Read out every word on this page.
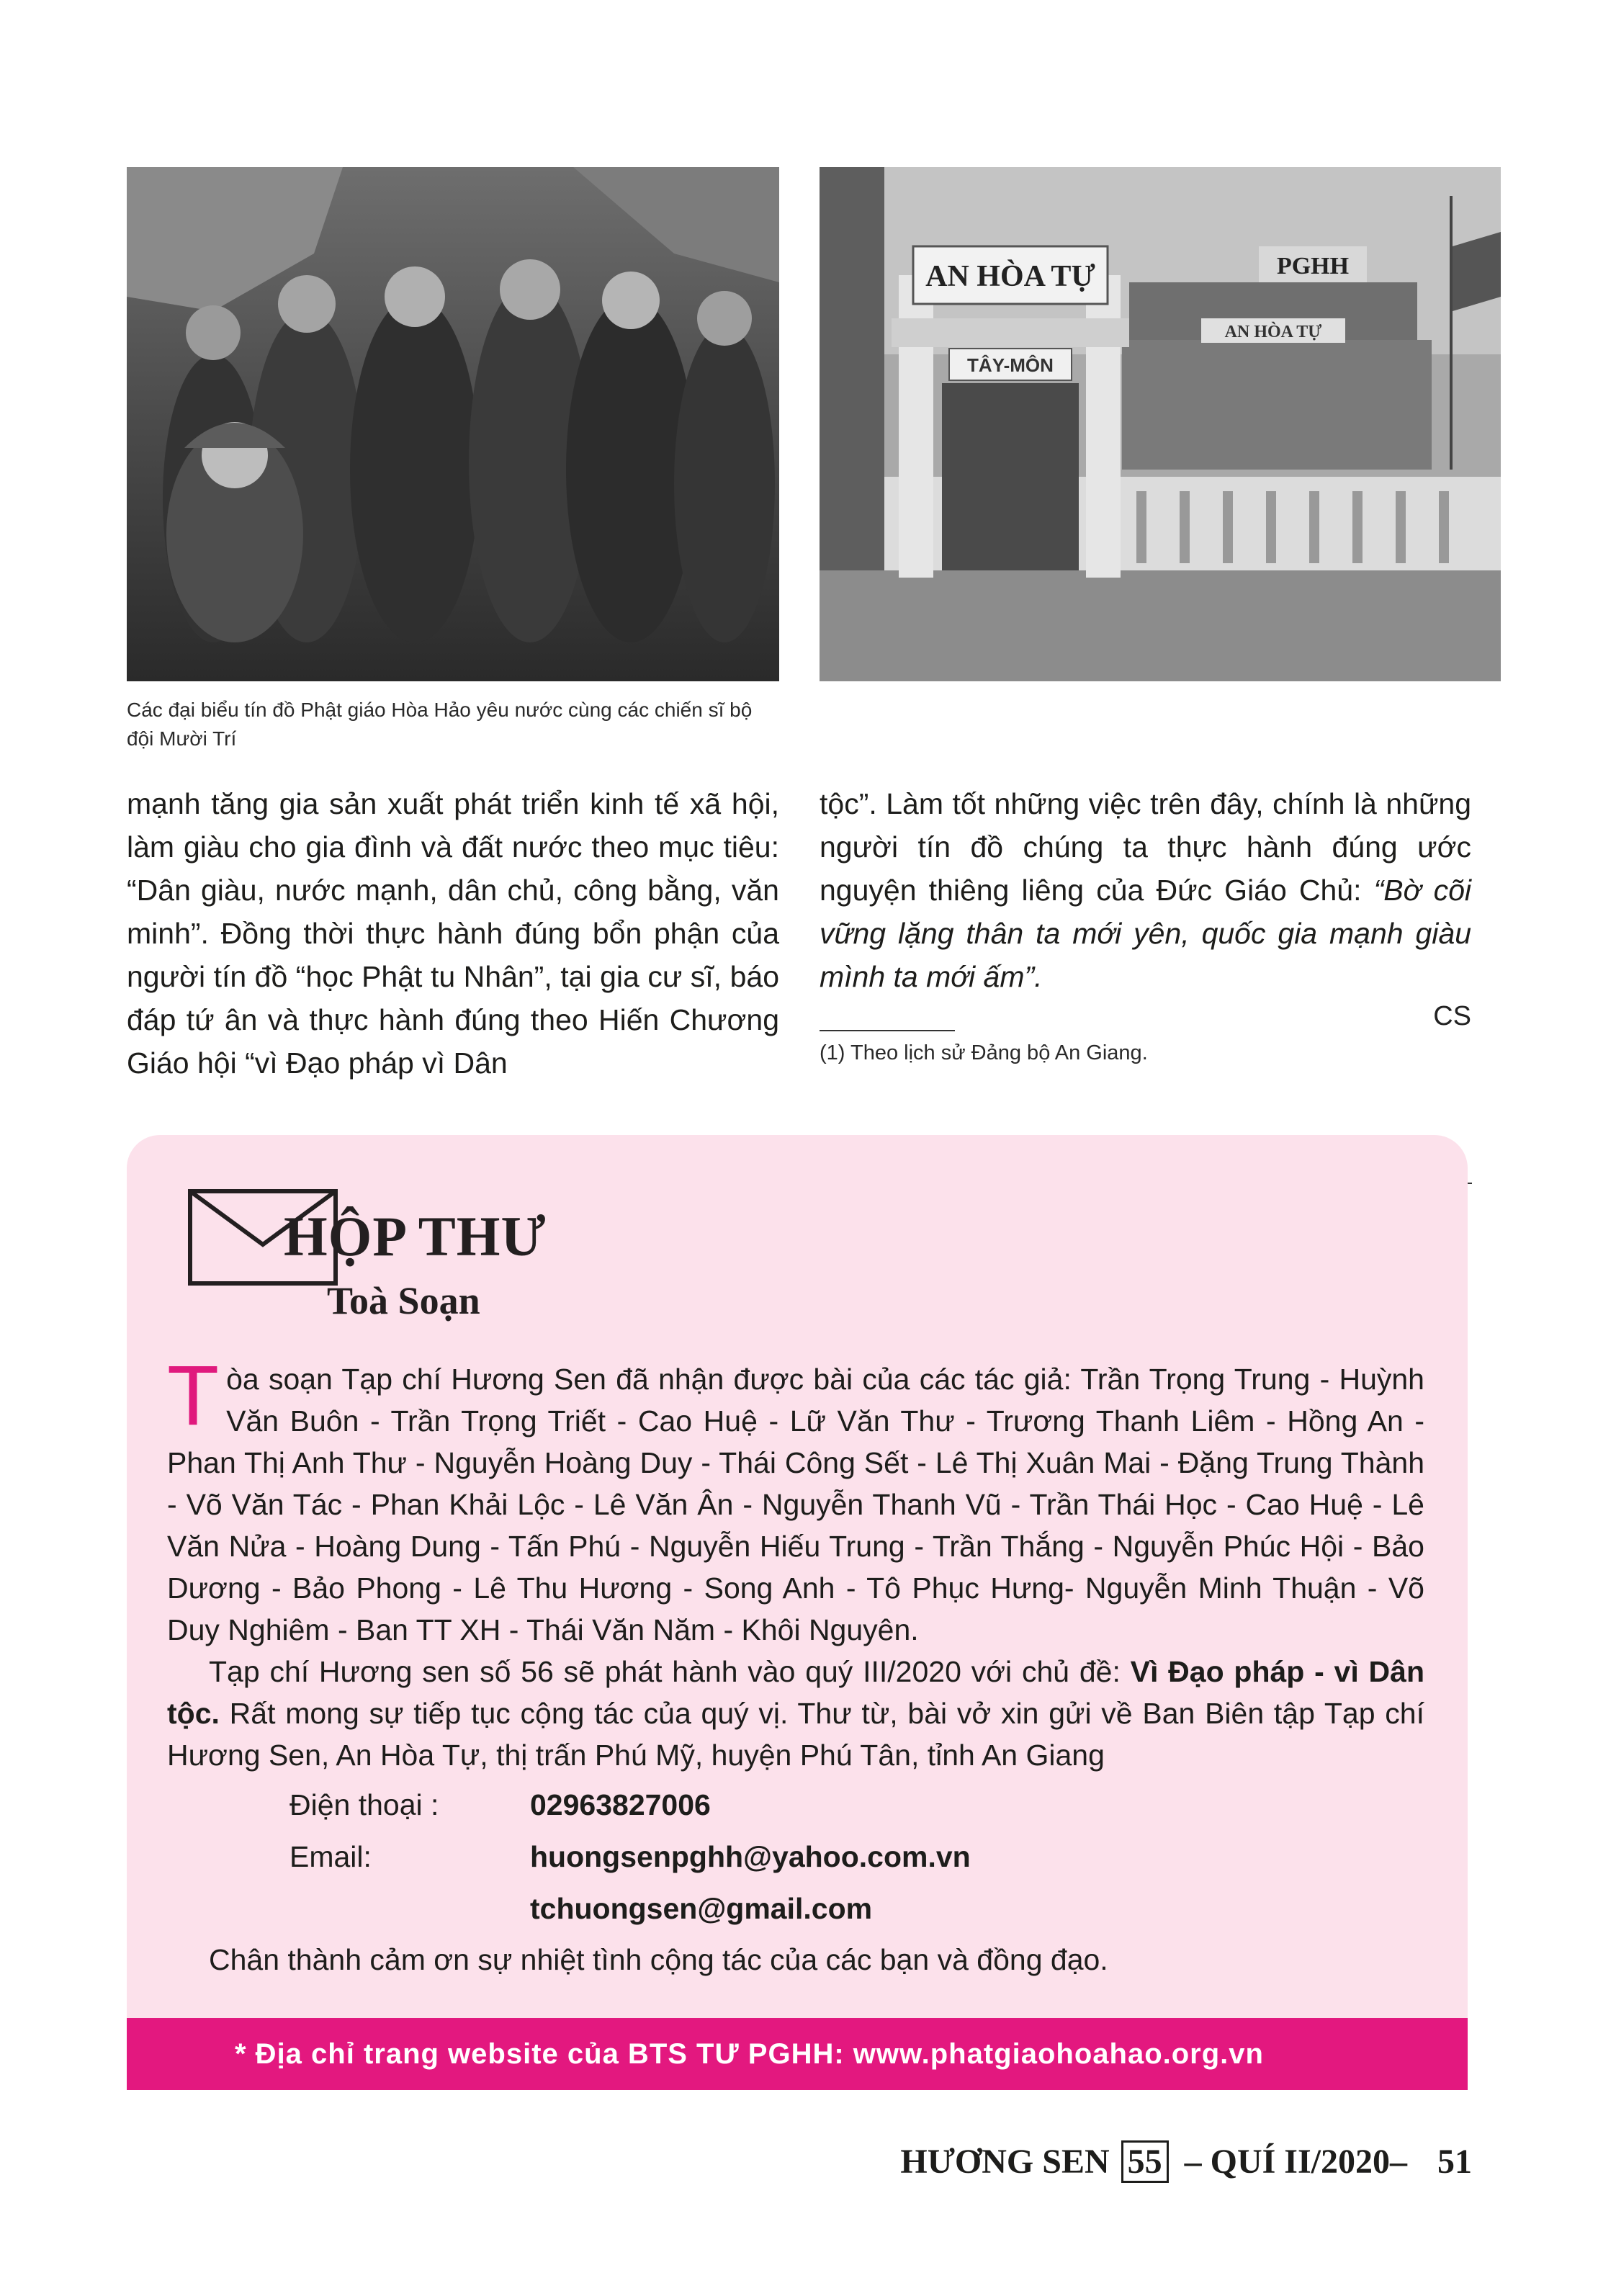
AN HÒA TỰ
TÂY-MÔN
PGHH
AN HÒA TỰ
Các đại biểu tín đồ Phật giáo Hòa Hảo yêu nước cùng các chiến sĩ bộ đội Mười Trí
mạnh tăng gia sản xuất phát triển kinh tế xã hội, làm giàu cho gia đình và đất nước theo mục tiêu: “Dân giàu, nước mạnh, dân chủ, công bằng, văn minh”. Đồng thời thực hành đúng bổn phận của người tín đồ “học Phật tu Nhân”, tại gia cư sĩ, báo đáp tứ ân và thực hành đúng theo Hiến Chương Giáo hội “vì Đạo pháp vì Dân
tộc”. Làm tốt những việc trên đây, chính là những người tín đồ chúng ta thực hành đúng ước nguyện thiêng liêng của Đức Giáo Chủ: “Bờ cõi vững lặng thân ta mới yên, quốc gia mạnh giàu mình ta mới ấm”.
CS
(1) Theo lịch sử Đảng bộ An Giang.
HỘP THƯ
Toà Soạn

Tòa soạn Tạp chí Hương Sen đã nhận được bài của các tác giả: Trần Trọng Trung - Huỳnh Văn Buôn - Trần Trọng Triết - Cao Huệ - Lữ Văn Thư - Trương Thanh Liêm - Hồng An - Phan Thị Anh Thư - Nguyễn Hoàng Duy - Thái Công Sết - Lê Thị Xuân Mai - Đặng Trung Thành - Võ Văn Tác - Phan Khải Lộc - Lê Văn Ân - Nguyễn Thanh Vũ - Trần Thái Học - Cao Huệ - Lê Văn Nửa - Hoàng Dung - Tấn Phú - Nguyễn Hiếu Trung - Trần Thắng - Nguyễn Phúc Hội - Bảo Dương - Bảo Phong - Lê Thu Hương - Song Anh - Tô Phục Hưng- Nguyễn Minh Thuận - Võ Duy Nghiêm - Ban TT XH - Thái Văn Năm - Khôi Nguyên.

Tạp chí Hương sen số 56 sẽ phát hành vào quý III/2020 với chủ đề: Vì Đạo pháp - vì Dân tộc. Rất mong sự tiếp tục cộng tác của quý vị. Thư từ, bài vở xin gửi về Ban Biên tập Tạp chí Hương Sen, An Hòa Tự, thị trấn Phú Mỹ, huyện Phú Tân, tỉnh An Giang

Điện thoại :	02963827006
Email:	huongsenpghh@yahoo.com.vn
tchuongsen@gmail.com

Chân thành cảm ơn sự nhiệt tình cộng tác của các bạn và đồng đạo.

* Địa chỉ trang website của BTS TƯ PGHH: www.phatgiaohoahao.org.vn
HƯƠNG SEN 55 – QUÍ II/2020– 51
